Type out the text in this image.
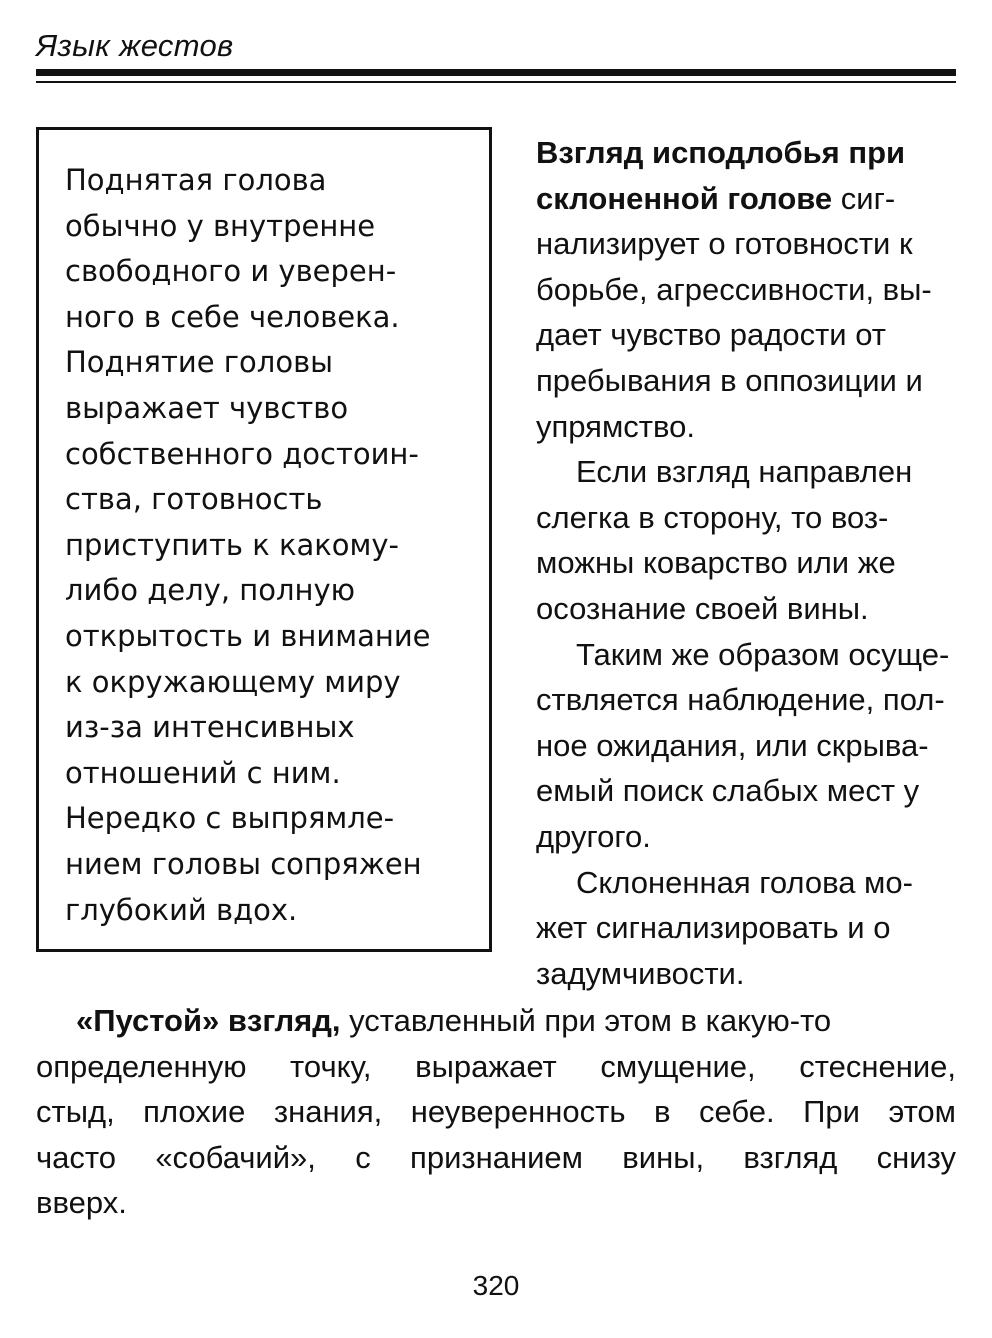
Язык жестов

Поднятая голова
обычно у внутренне
свободного и уверен-
ного в себе человека.
Поднятие головы
выражает чувство
собственного достоин-
ства, готовность
приступить к какому-
либо делу, полную
открытость и внимание
к окружающему миру
из-за интенсивных
отношений с ним.
Нередко с выпрямле-
нием головы сопряжен
глубокий вдох.

Взгляд исподлобья при
склоненной голове сиг-
нализирует о готовности к
борьбе, агрессивности, вы-
дает чувство радости от
пребывания в оппозиции и
упрямство.

Если взгляд направлен
слегка в сторону, то воз-
можны коварство или же
осознание своей вины.

Таким же образом осуще-
ствляется наблюдение, пол-
ное ожидания, или скрыва-
емый поиск слабых мест у
другого.

Склоненная голова мо-
жет сигнализировать и о
задумчивости.

«Пустой» взгляд, уставленный при этом в какую-то
определенную точку, выражает смущение, стеснение,
стыд, плохие знания, неуверенность в себе. При этом
часто «собачий», с признанием вины, взгляд снизу
вверх.

320
